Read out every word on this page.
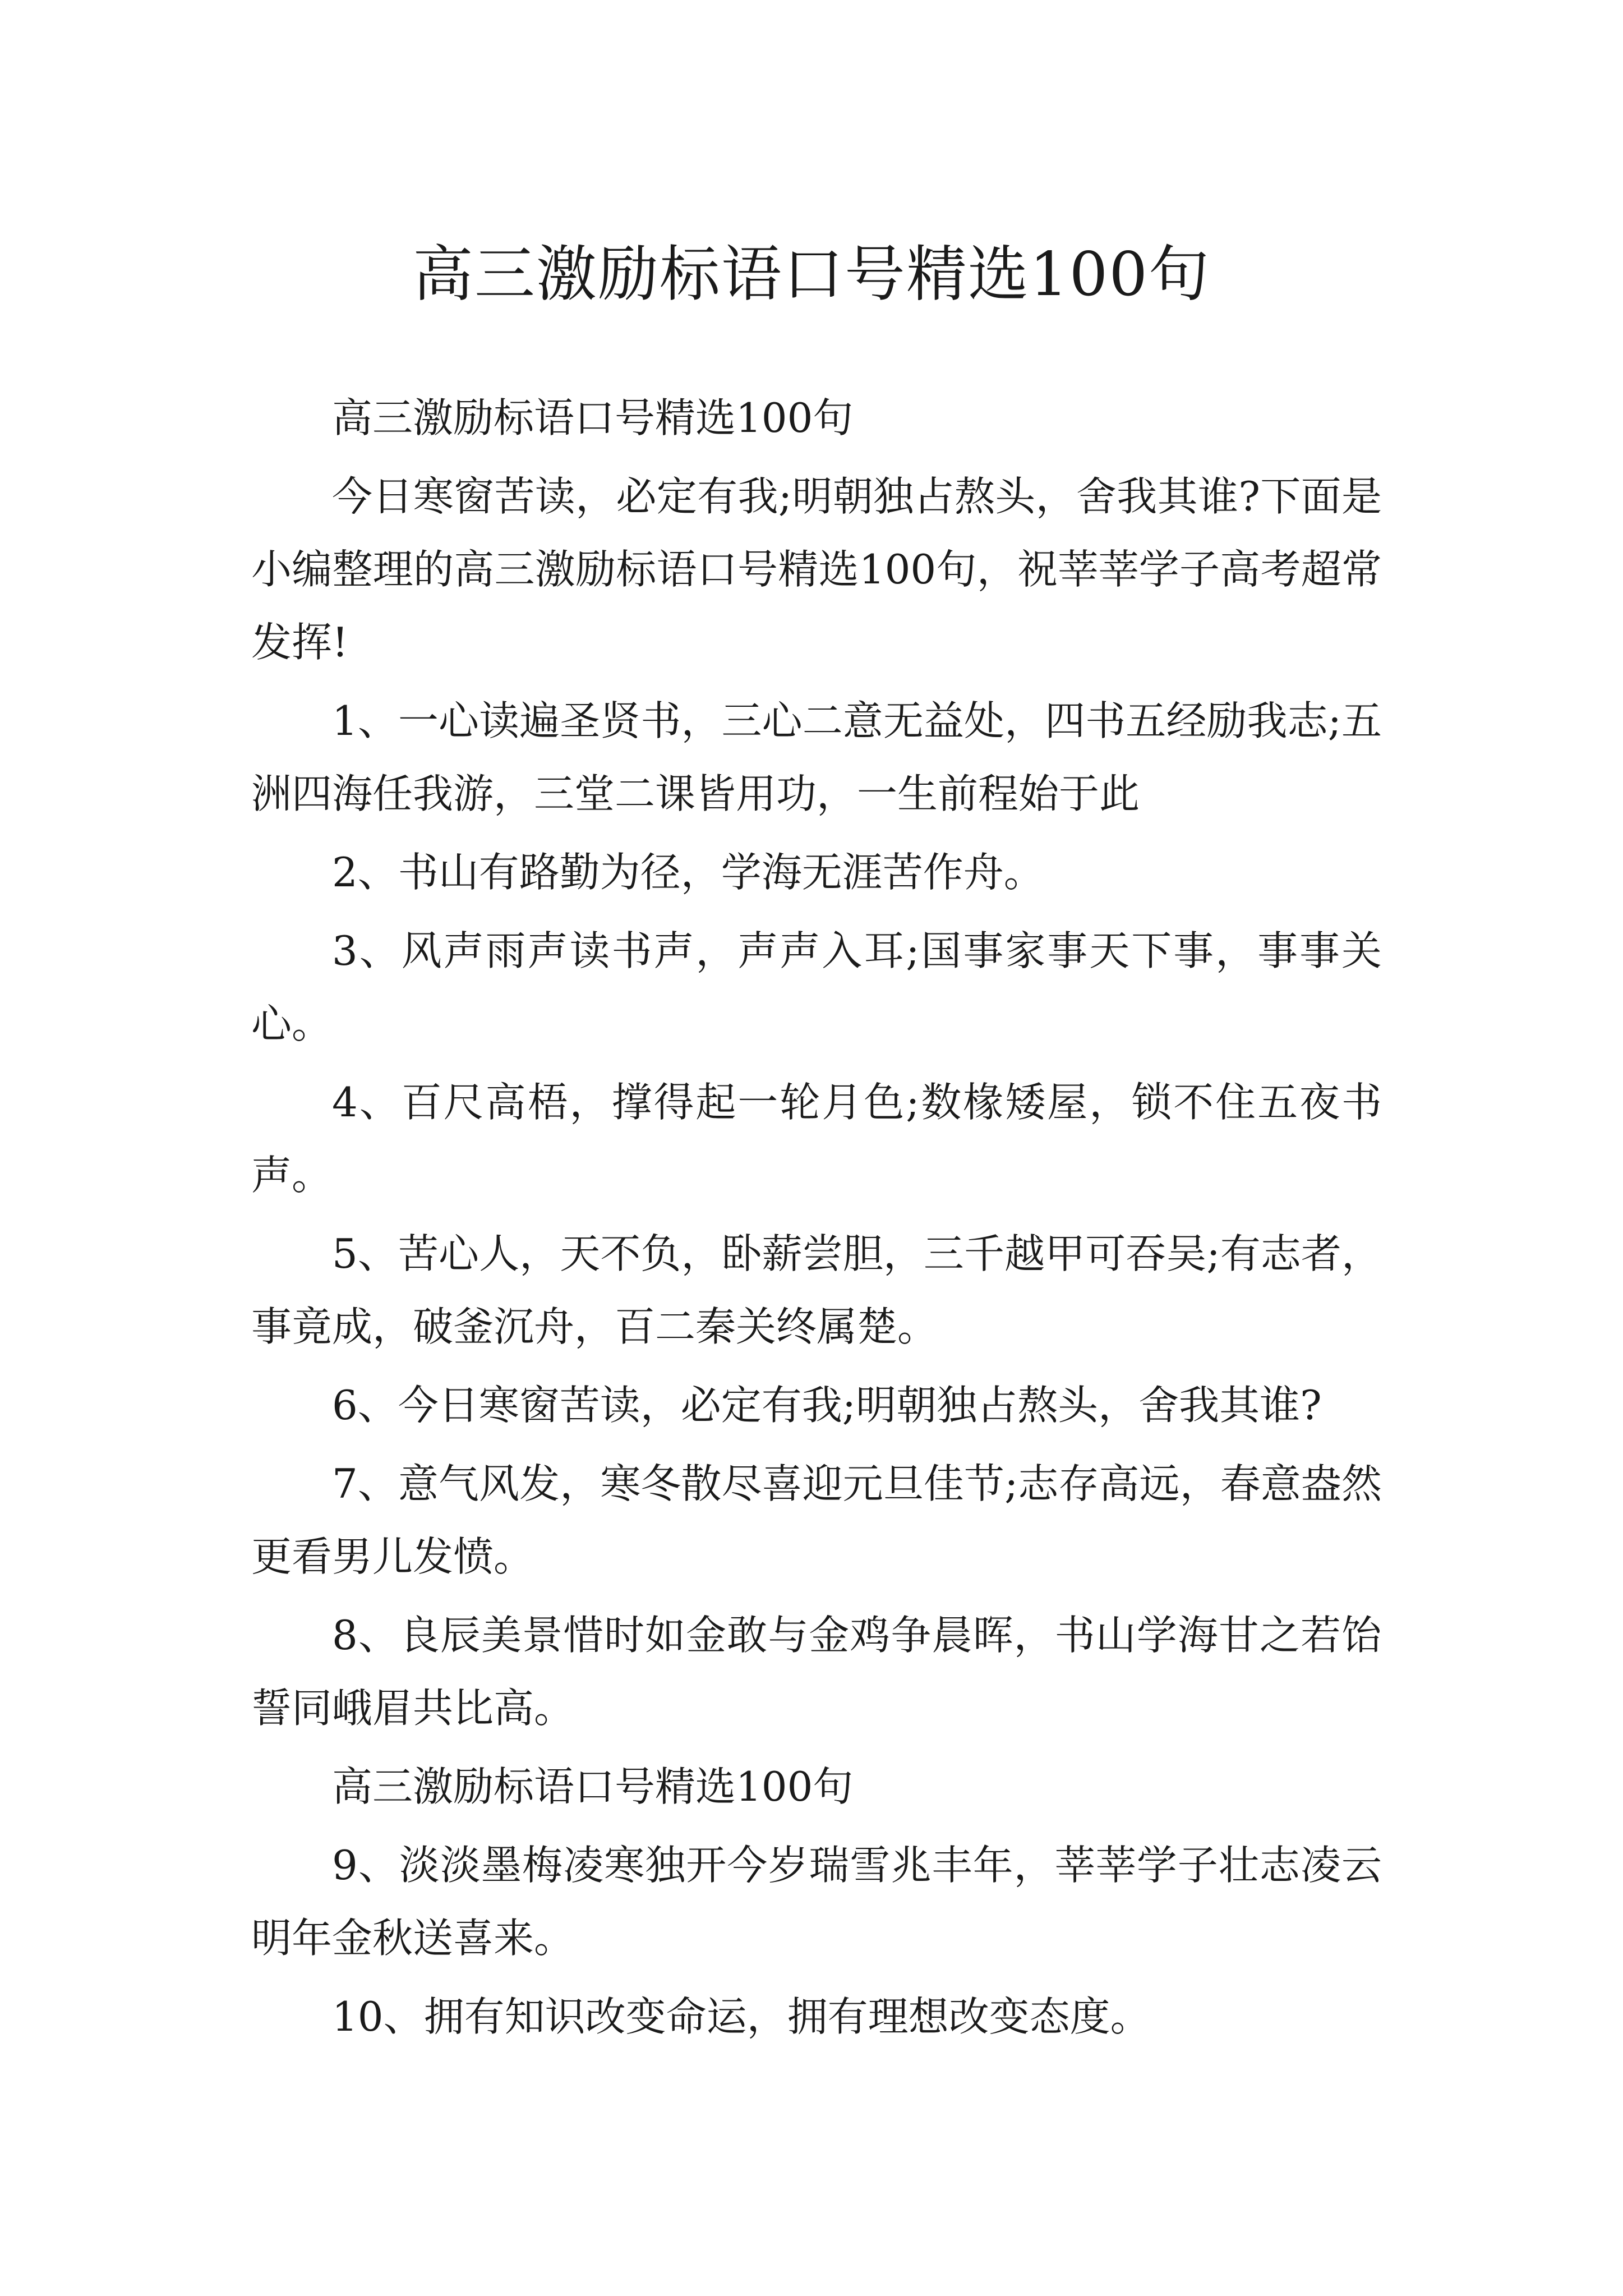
高三激励标语口号精选100句

高三激励标语口号精选100句

今日寒窗苦读，必定有我;明朝独占熬头，舍我其谁?下面是小编整理的高三激励标语口号精选100句，祝莘莘学子高考超常发挥!

1、一心读遍圣贤书，三心二意无益处，四书五经励我志;五洲四海任我游，三堂二课皆用功，一生前程始于此

2、书山有路勤为径，学海无涯苦作舟。

3、风声雨声读书声，声声入耳;国事家事天下事，事事关心。

4、百尺高梧，撑得起一轮月色;数椽矮屋，锁不住五夜书声。

5、苦心人，天不负，卧薪尝胆，三千越甲可吞吴;有志者，事竟成，破釜沉舟，百二秦关终属楚。

6、今日寒窗苦读，必定有我;明朝独占熬头，舍我其谁?

7、意气风发，寒冬散尽喜迎元旦佳节;志存高远，春意盎然更看男儿发愤。

8、良辰美景惜时如金敢与金鸡争晨晖，书山学海甘之若饴誓同峨眉共比高。

高三激励标语口号精选100句

9、淡淡墨梅凌寒独开今岁瑞雪兆丰年，莘莘学子壮志凌云明年金秋送喜来。

10、拥有知识改变命运，拥有理想改变态度。
